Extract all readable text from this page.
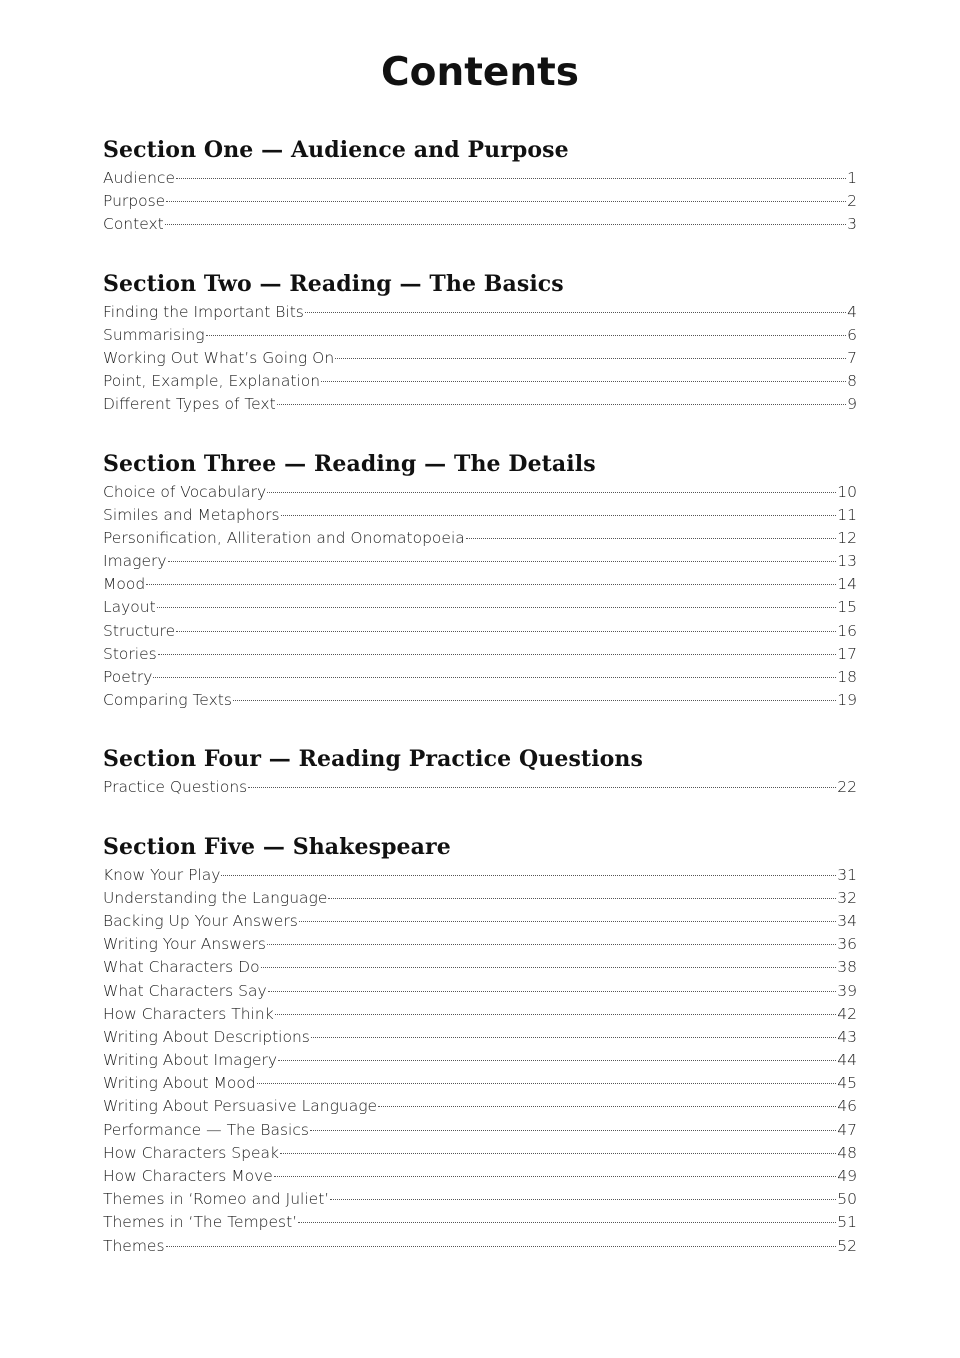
Contents
Section One — Audience and Purpose
Audience	1
Purpose	2
Context	3
Section Two — Reading — The Basics
Finding the Important Bits	4
Summarising	6
Working Out What’s Going On	7
Point, Example, Explanation	8
Different Types of Text	9
Section Three — Reading — The Details
Choice of Vocabulary	10
Similes and Metaphors	11
Personification, Alliteration and Onomatopoeia	12
Imagery	13
Mood	14
Layout	15
Structure	16
Stories	17
Poetry	18
Comparing Texts	19
Section Four — Reading Practice Questions
Practice Questions	22
Section Five — Shakespeare
Know Your Play	31
Understanding the Language	32
Backing Up Your Answers	34
Writing Your Answers	36
What Characters Do	38
What Characters Say	39
How Characters Think	42
Writing About Descriptions	43
Writing About Imagery	44
Writing About Mood	45
Writing About Persuasive Language	46
Performance — The Basics	47
How Characters Speak	48
How Characters Move	49
Themes in ‘Romeo and Juliet’	50
Themes in ‘The Tempest’	51
Themes	52
